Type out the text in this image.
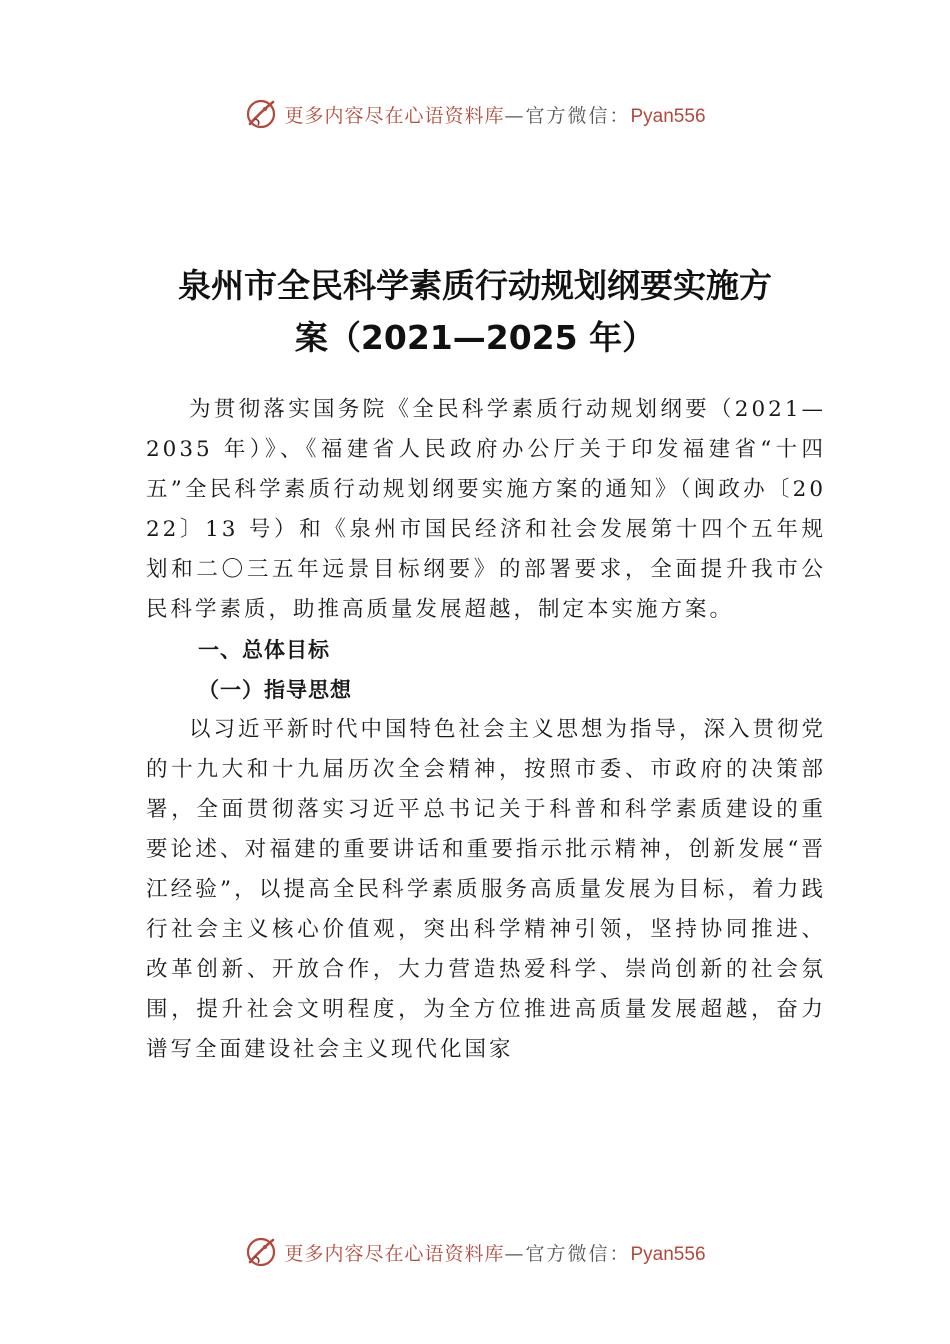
更多内容尽在心语资料库—官方微信：Pyan556
泉州市全民科学素质行动规划纲要实施方
案（2021—2025 年）

为贯彻落实国务院《全民科学素质行动规划纲要（2021—2035 年）》、《福建省人民政府办公厅关于印发福建省“十四五”全民科学素质行动规划纲要实施方案的通知》（闽政办〔2022〕13 号）和《泉州市国民经济和社会发展第十四个五年规划和二〇三五年远景目标纲要》的部署要求，全面提升我市公民科学素质，助推高质量发展超越，制定本实施方案。

一、总体目标

（一）指导思想

以习近平新时代中国特色社会主义思想为指导，深入贯彻党的十九大和十九届历次全会精神，按照市委、市政府的决策部署，全面贯彻落实习近平总书记关于科普和科学素质建设的重要论述、对福建的重要讲话和重要指示批示精神，创新发展“晋江经验”，以提高全民科学素质服务高质量发展为目标，着力践行社会主义核心价值观，突出科学精神引领，坚持协同推进、改革创新、开放合作，大力营造热爱科学、崇尚创新的社会氛围，提升社会文明程度，为全方位推进高质量发展超越，奋力谱写全面建设社会主义现代化国家

更多内容尽在心语资料库—官方微信：Pyan556
